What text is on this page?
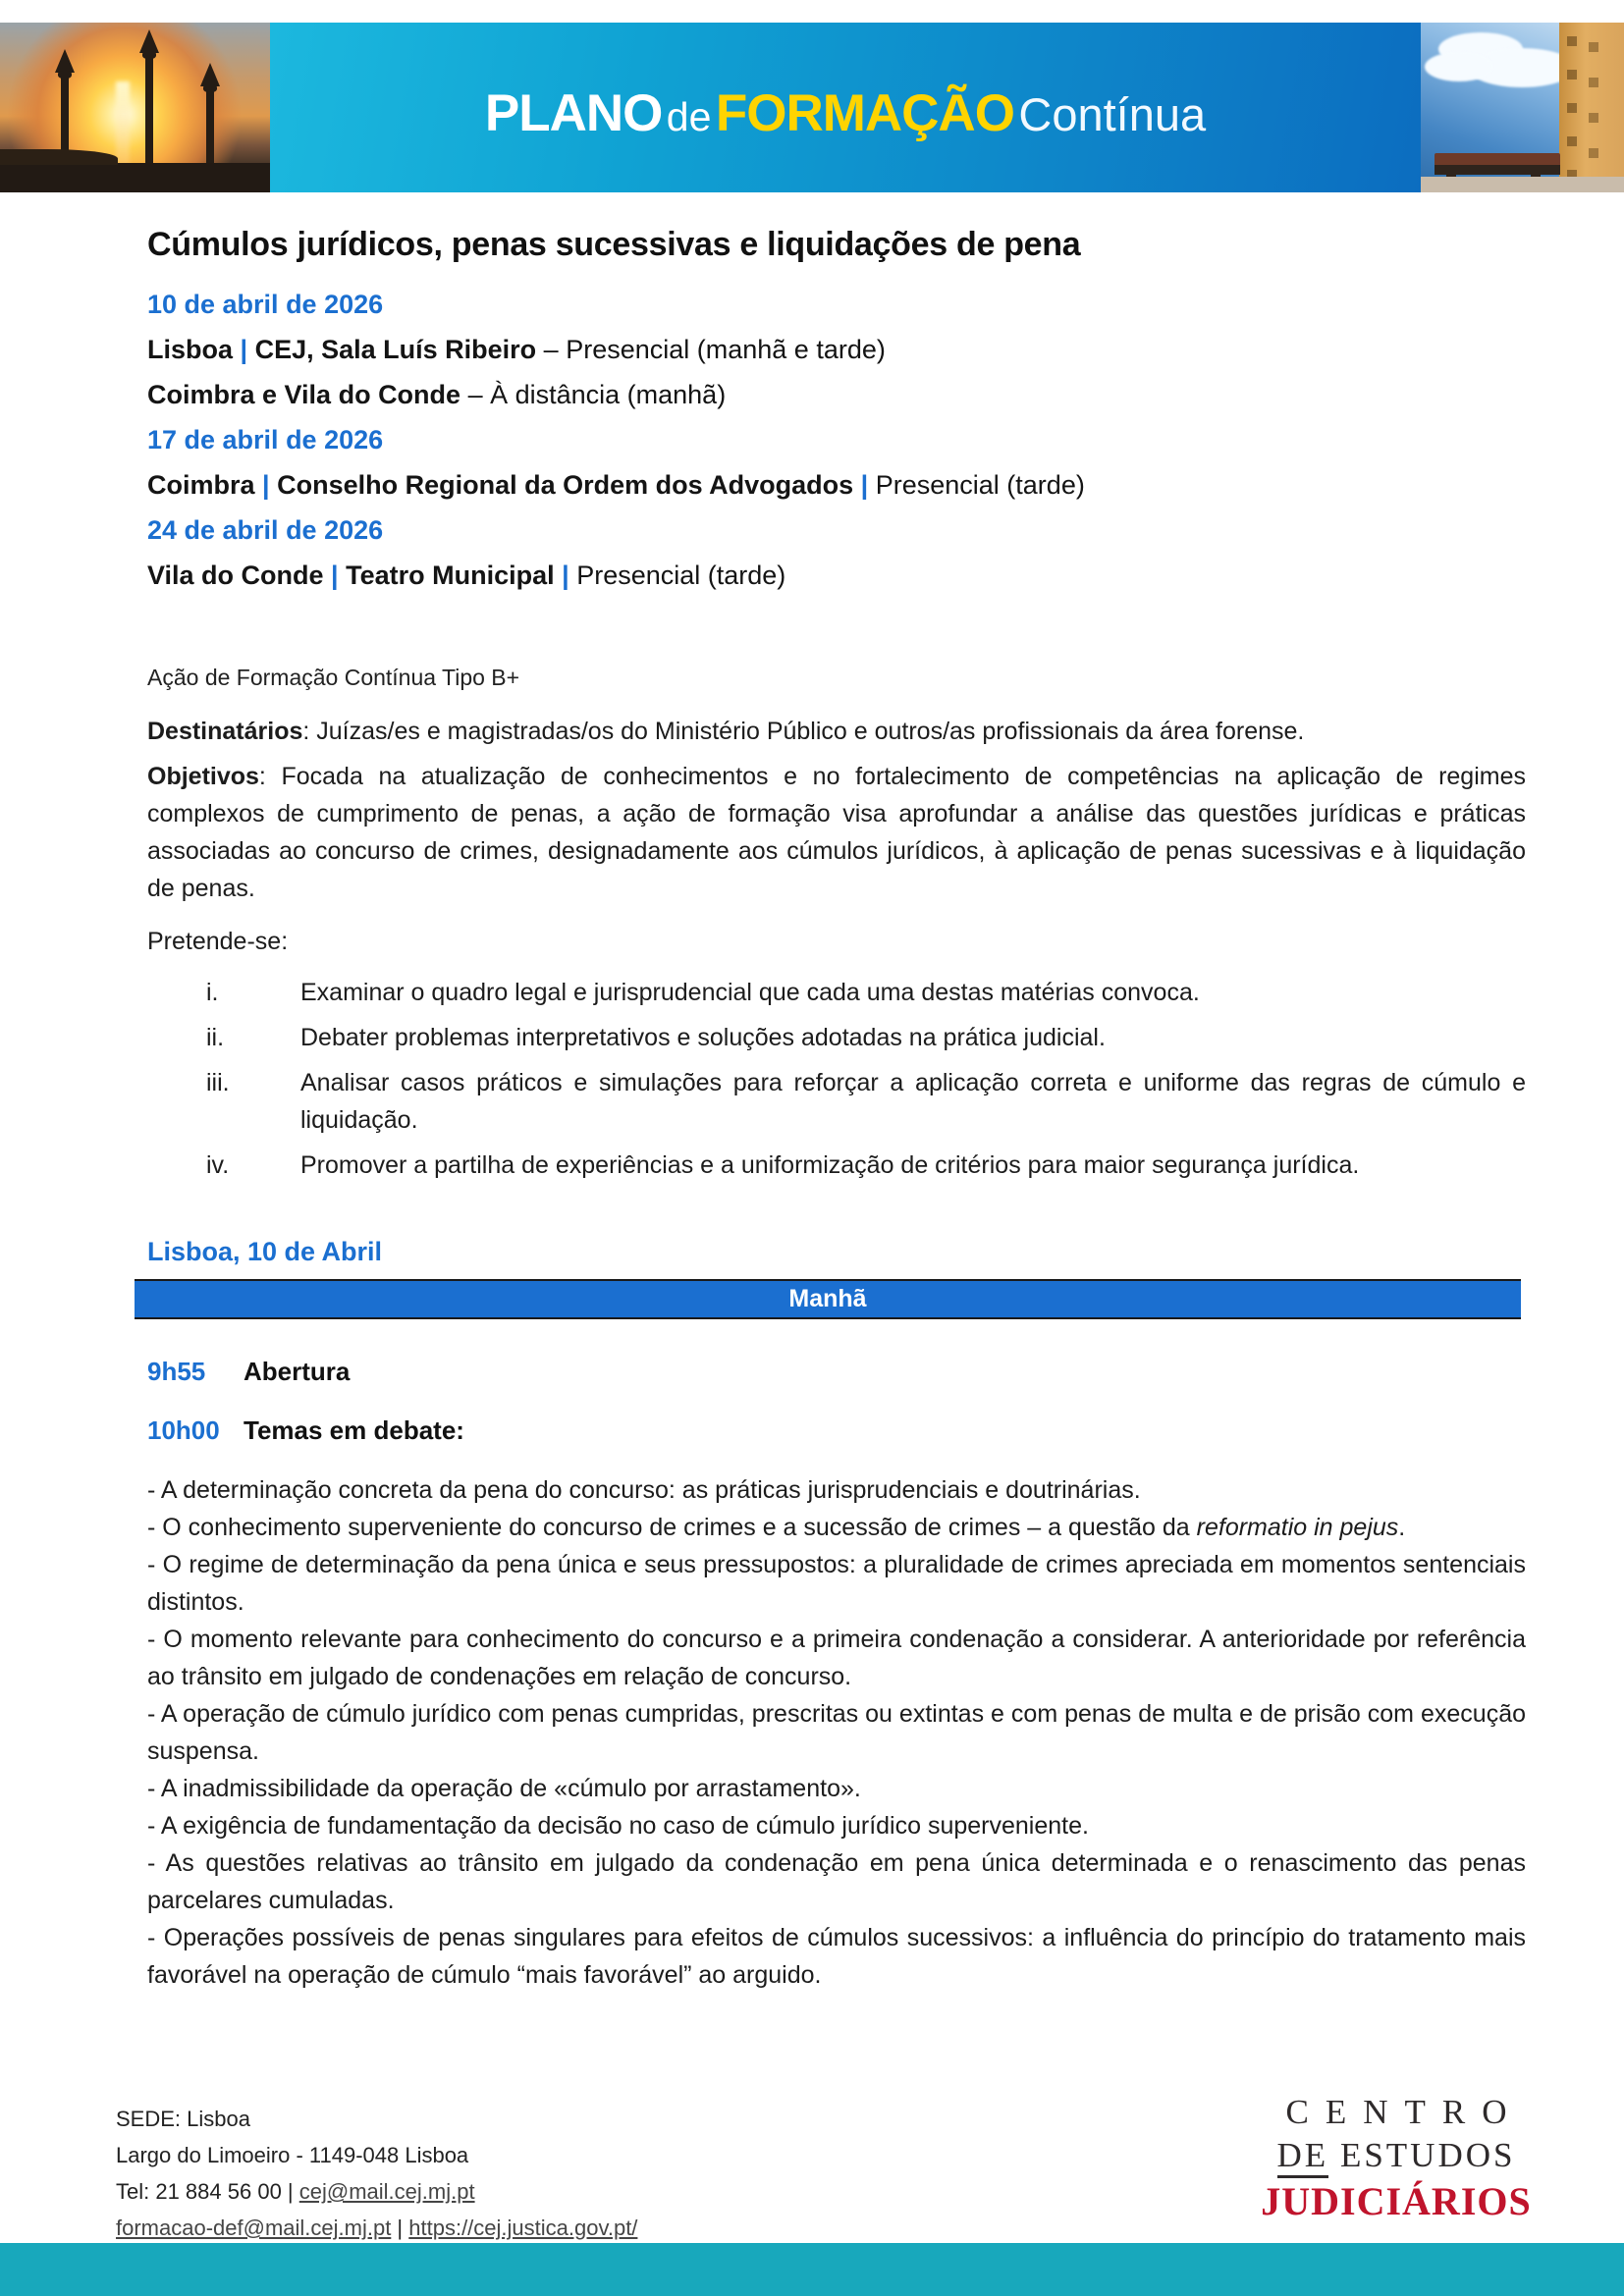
PLANO de FORMAÇÃO Contínua
Cúmulos jurídicos, penas sucessivas e liquidações de pena
10 de abril de 2026
Lisboa | CEJ, Sala Luís Ribeiro – Presencial (manhã e tarde)
Coimbra e Vila do Conde – À distância (manhã)
17 de abril de 2026
Coimbra | Conselho Regional da Ordem dos Advogados | Presencial (tarde)
24 de abril de 2026
Vila do Conde | Teatro Municipal | Presencial (tarde)
Ação de Formação Contínua Tipo B+

Destinatários: Juízas/es e magistradas/os do Ministério Público e outros/as profissionais da área forense.

Objetivos: Focada na atualização de conhecimentos e no fortalecimento de competências na aplicação de regimes complexos de cumprimento de penas, a ação de formação visa aprofundar a análise das questões jurídicas e práticas associadas ao concurso de crimes, designadamente aos cúmulos jurídicos, à aplicação de penas sucessivas e à liquidação de penas.

Pretende-se:
i.	Examinar o quadro legal e jurisprudencial que cada uma destas matérias convoca.
ii.	Debater problemas interpretativos e soluções adotadas na prática judicial.
iii.	Analisar casos práticos e simulações para reforçar a aplicação correta e uniforme das regras de cúmulo e liquidação.
iv.	Promover a partilha de experiências e a uniformização de critérios para maior segurança jurídica.
Lisboa, 10 de Abril
Manhã
9h55 Abertura
10h00 Temas em debate:

- A determinação concreta da pena do concurso: as práticas jurisprudenciais e doutrinárias.

- O conhecimento superveniente do concurso de crimes e a sucessão de crimes – a questão da reformatio in pejus.

- O regime de determinação da pena única e seus pressupostos: a pluralidade de crimes apreciada em momentos sentenciais distintos.

- O momento relevante para conhecimento do concurso e a primeira condenação a considerar. A anterioridade por referência ao trânsito em julgado de condenações em relação de concurso.

- A operação de cúmulo jurídico com penas cumpridas, prescritas ou extintas e com penas de multa e de prisão com execução suspensa.

- A inadmissibilidade da operação de «cúmulo por arrastamento».

- A exigência de fundamentação da decisão no caso de cúmulo jurídico superveniente.

- As questões relativas ao trânsito em julgado da condenação em pena única determinada e o renascimento das penas parcelares cumuladas.

- Operações possíveis de penas singulares para efeitos de cúmulos sucessivos: a influência do princípio do tratamento mais favorável na operação de cúmulo “mais favorável” ao arguido.

SEDE: Lisboa
Largo do Limoeiro - 1149-048 Lisboa
Tel: 21 884 56 00 | cej@mail.cej.mj.pt
formacao-def@mail.cej.mj.pt | https://cej.justica.gov.pt/
CENTRO
DE ESTUDOS
JUDICIÁRIOS
